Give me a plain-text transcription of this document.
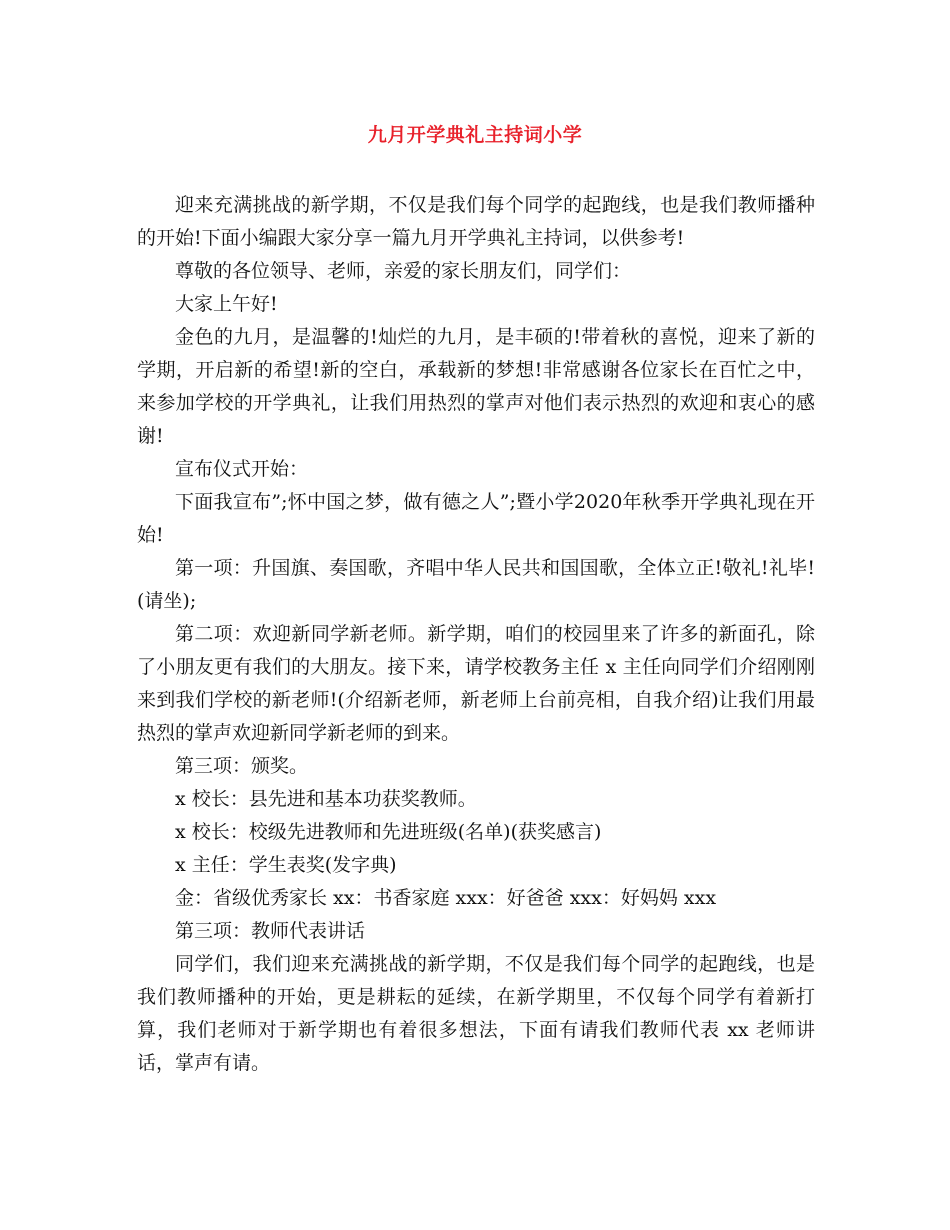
九月开学典礼主持词小学

迎来充满挑战的新学期，不仅是我们每个同学的起跑线，也是我们教师播种的开始!下面小编跟大家分享一篇九月开学典礼主持词，以供参考!

尊敬的各位领导、老师，亲爱的家长朋友们，同学们：

大家上午好!

金色的九月，是温馨的!灿烂的九月，是丰硕的!带着秋的喜悦，迎来了新的学期，开启新的希望!新的空白，承载新的梦想!非常感谢各位家长在百忙之中，来参加学校的开学典礼，让我们用热烈的掌声对他们表示热烈的欢迎和衷心的感谢!

宣布仪式开始：

下面我宣布”;怀中国之梦，做有德之人”;暨小学2020年秋季开学典礼现在开始!

第一项：升国旗、奏国歌，齐唱中华人民共和国国歌，全体立正!敬礼!礼毕!(请坐);

第二项：欢迎新同学新老师。新学期，咱们的校园里来了许多的新面孔，除了小朋友更有我们的大朋友。接下来，请学校教务主任 x 主任向同学们介绍刚刚来到我们学校的新老师!(介绍新老师，新老师上台前亮相，自我介绍)让我们用最热烈的掌声欢迎新同学新老师的到来。

第三项：颁奖。

x 校长：县先进和基本功获奖教师。

x 校长：校级先进教师和先进班级(名单)(获奖感言)

x 主任：学生表奖(发字典)

金：省级优秀家长 xx：书香家庭 xxx：好爸爸 xxx：好妈妈 xxx

第三项：教师代表讲话

同学们，我们迎来充满挑战的新学期，不仅是我们每个同学的起跑线，也是我们教师播种的开始，更是耕耘的延续，在新学期里，不仅每个同学有着新打算，我们老师对于新学期也有着很多想法，下面有请我们教师代表 xx 老师讲话，掌声有请。
